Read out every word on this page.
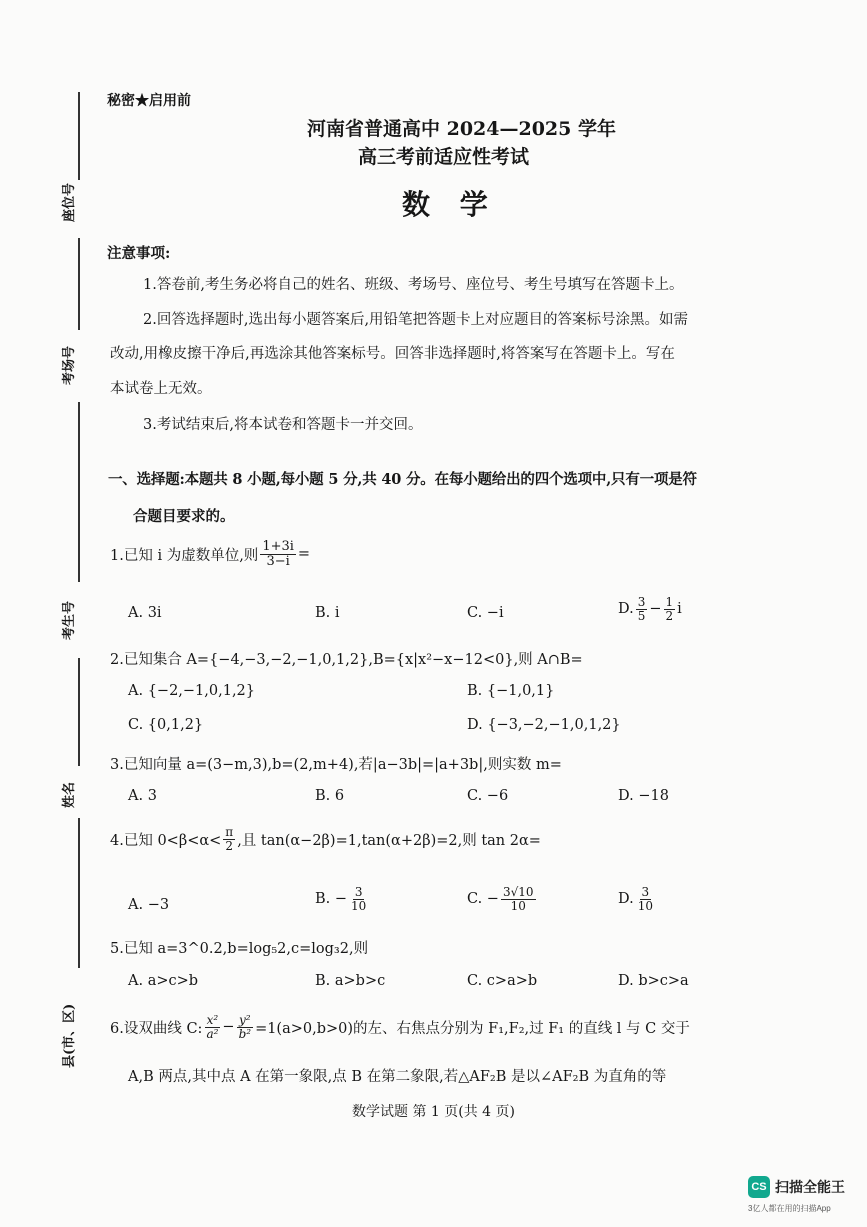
座位号
考场号
考生号
姓名
县(市、区)
秘密★启用前
河南省普通高中 2024—2025 学年
高三考前适应性考试
数 学
注意事项:
1.答卷前,考生务必将自己的姓名、班级、考场号、座位号、考生号填写在答题卡上。
2.回答选择题时,选出每小题答案后,用铅笔把答题卡上对应题目的答案标号涂黑。如需
改动,用橡皮擦干净后,再选涂其他答案标号。回答非选择题时,将答案写在答题卡上。写在
本试卷上无效。
3.考试结束后,将本试卷和答题卡一并交回。
一、选择题:本题共 8 小题,每小题 5 分,共 40 分。在每小题给出的四个选项中,只有一项是符
合题目要求的。
1.已知 i 为虚数单位,则 $\frac{1+3i}{3-i}$ =
A. 3i	B. i	C. −i	D. $\frac{3}{5} - \frac{1}{2}$ i
2.已知集合 A={−4,−3,−2,−1,0,1,2},B={x|x²−x−12<0},则 A∩B=
A. {−2,−1,0,1,2}	B. {−1,0,1}
C. {0,1,2}	D. {−3,−2,−1,0,1,2}
3.已知向量 a=(3−m,3),b=(2,m+4),若|a−3b|=|a+3b|,则实数 m=
A. 3	B. 6	C. −6	D. −18
4.已知 $0<\beta<\alpha< \frac{\pi}{2}$ ,且 tan(α−2β)=1,tan(α+2β)=2,则 tan 2α=
A. −3	B. − $\frac{3}{10}$	C. − $\frac{3√10}{10}$	D. $\frac{3}{10}$
5.已知 a=3^0.2,b=log₅2,c=log₃2,则
A. a>c>b	B. a>b>c	C. c>a>b	D. b>c>a
6.设双曲线 C: $\frac{\text{x²}}{\text{a²}} - \frac{\text{y²}}{\text{b²}} =1(a>0,b>0)$的左、右焦点分别为 F₁,F₂,过 F₁ 的直线 l 与 C 交于
A,B 两点,其中点 A 在第一象限,点 B 在第二象限,若△AF₂B 是以∠AF₂B 为直角的等
数学试题 第 1 页(共 4 页)
CS 扫描全能王
3亿人都在用的扫描App
